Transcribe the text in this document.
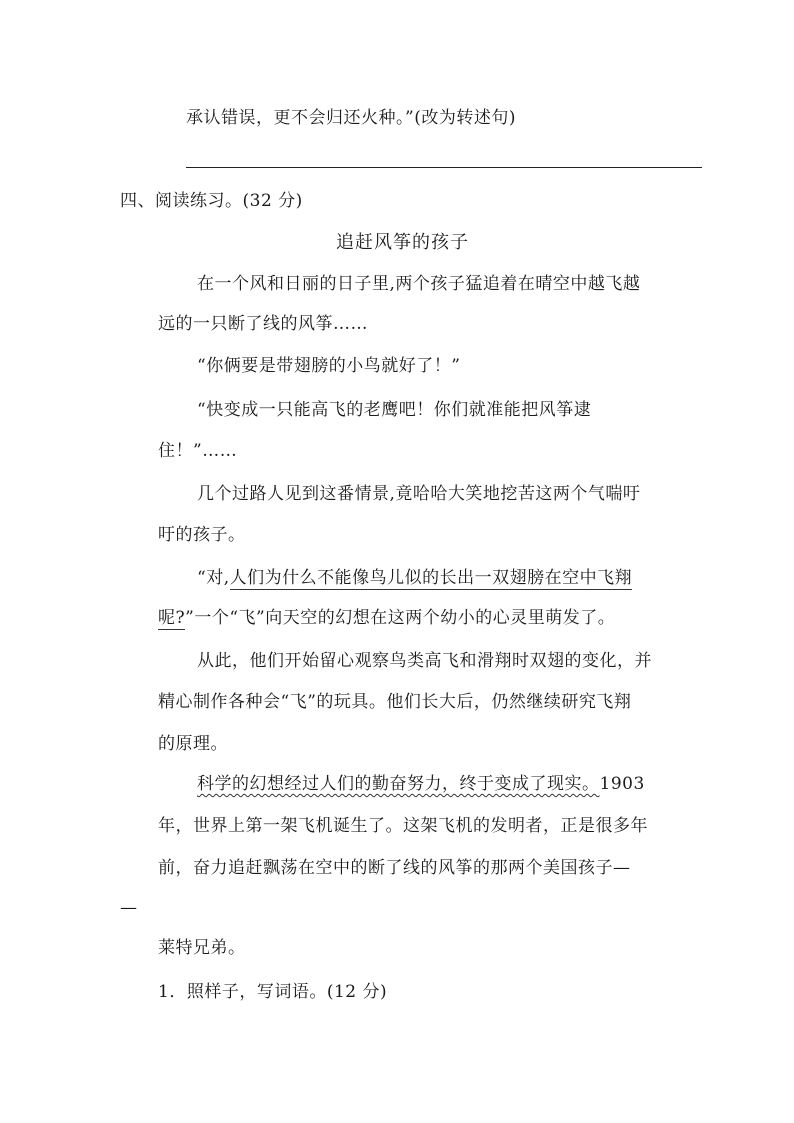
承认错误，更不会归还火种。”(改为转述句)
四、阅读练习。(32 分)
追赶风筝的孩子
在一个风和日丽的日子里,两个孩子猛追着在晴空中越飞越
远的一只断了线的风筝……
“你俩要是带翅膀的小鸟就好了！”
“快变成一只能高飞的老鹰吧！你们就准能把风筝逮
住！”……
几个过路人见到这番情景,竟哈哈大笑地挖苦这两个气喘吁
吁的孩子。
“对,人们为什么不能像鸟儿似的长出一双翅膀在空中飞翔
呢?”一个“飞”向天空的幻想在这两个幼小的心灵里萌发了。
从此，他们开始留心观察鸟类高飞和滑翔时双翅的变化，并
精心制作各种会“飞”的玩具。他们长大后，仍然继续研究飞翔
的原理。
科学的幻想经过人们的勤奋努力，终于变成了现实。1903
年，世界上第一架飞机诞生了。这架飞机的发明者，正是很多年
前，奋力追赶飘荡在空中的断了线的风筝的那两个美国孩子—
—
莱特兄弟。
1．照样子，写词语。(12 分)
